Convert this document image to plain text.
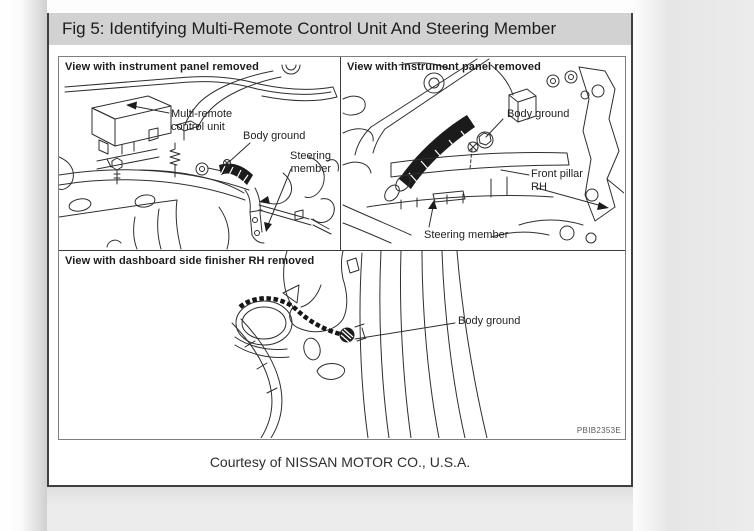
Fig 5: Identifying Multi-Remote Control Unit And Steering Member
View with instrument panel removed
Multi-remote
control unit
Body ground
Steering
member
View with instrument panel removed
Body ground
Front pillar
RH
Steering member
View with dashboard side finisher RH removed
Body ground
PBIB2353E
Courtesy of NISSAN MOTOR CO., U.S.A.
